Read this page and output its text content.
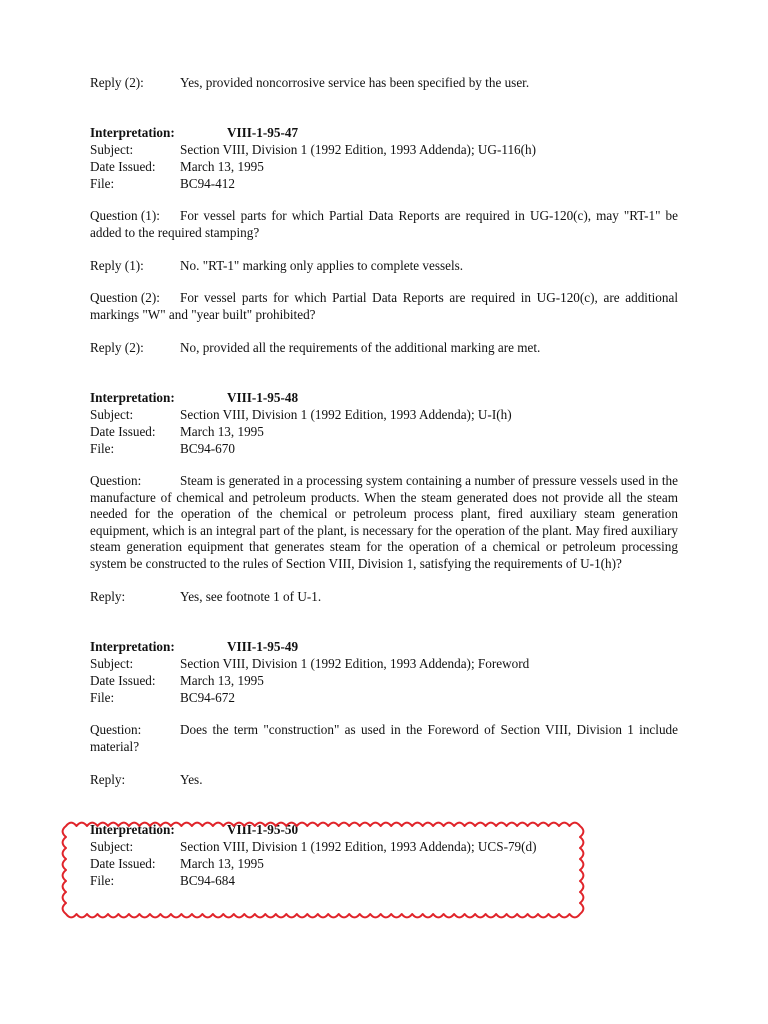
Reply (2):	Yes, provided noncorrosive service has been specified by the user.
Interpretation:	VIII-1-95-47
Subject:	Section VIII, Division 1 (1992 Edition, 1993 Addenda); UG-116(h)
Date Issued: March 13, 1995
File:	BC94-412
Question (1): For vessel parts for which Partial Data Reports are required in UG-120(c), may "RT-1" be added to the required stamping?
Reply (1):	No. "RT-1" marking only applies to complete vessels.
Question (2): For vessel parts for which Partial Data Reports are required in UG-120(c), are additional markings "W" and "year built" prohibited?
Reply (2):	No, provided all the requirements of the additional marking are met.
Interpretation:	VIII-1-95-48
Subject:	Section VIII, Division 1 (1992 Edition, 1993 Addenda); U-I(h)
Date Issued: March 13, 1995
File:	BC94-670
Question:	Steam is generated in a processing system containing a number of pressure vessels used in the manufacture of chemical and petroleum products. When the steam generated does not provide all the steam needed for the operation of the chemical or petroleum process plant, fired auxiliary steam generation equipment, which is an integral part of the plant, is necessary for the operation of the plant. May fired auxiliary steam generation equipment that generates steam for the operation of a chemical or petroleum processing system be constructed to the rules of Section VIII, Division 1, satisfying the requirements of U-1(h)?
Reply:	Yes, see footnote 1 of U-1.
Interpretation:	VIII-1-95-49
Subject:	Section VIII, Division 1 (1992 Edition, 1993 Addenda); Foreword
Date Issued: March 13, 1995
File:	BC94-672
Question:	Does the term "construction" as used in the Foreword of Section VIII, Division 1 include material?
Reply:	Yes.
Interpretation:	VIII-1-95-50
Subject:	Section VIII, Division 1 (1992 Edition, 1993 Addenda); UCS-79(d)
Date Issued: March 13, 1995
File:	BC94-684
